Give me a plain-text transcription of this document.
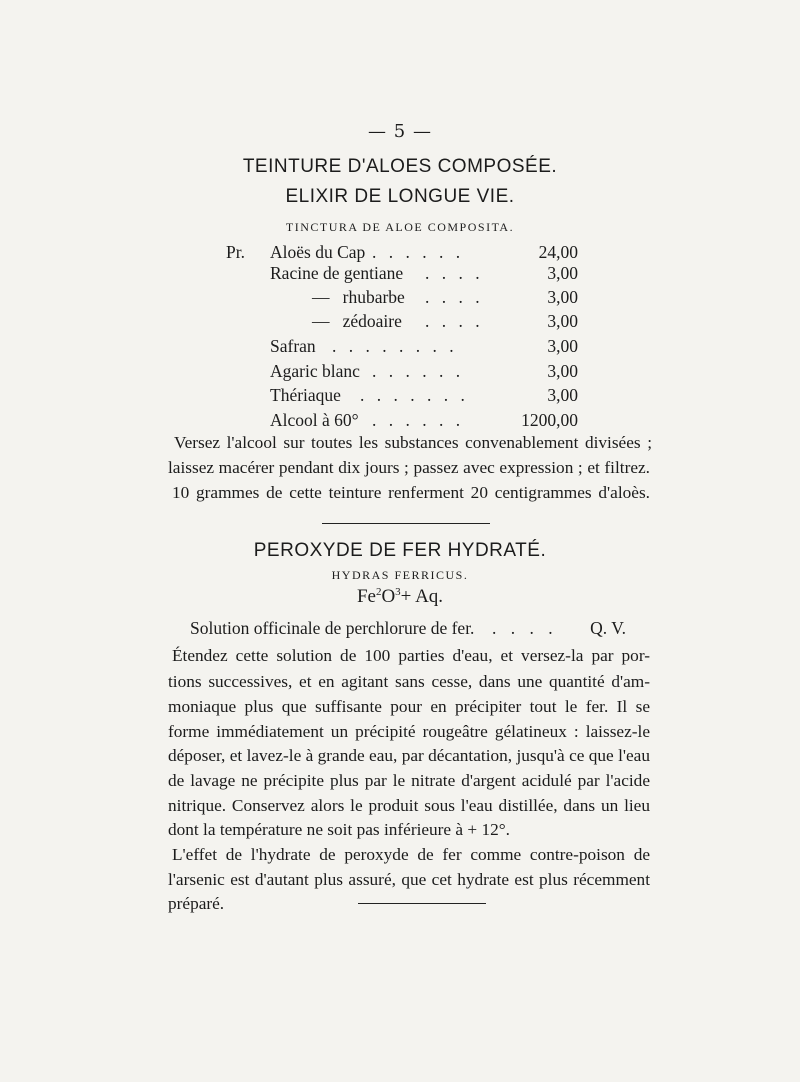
— 5 —
TEINTURE D'ALOES COMPOSÉE.
ELIXIR DE LONGUE VIE.
TINCTURA DE ALOE COMPOSITA.
Pr. Aloës du Cap . . . . . .	24,00
Racine de gentiane . . . .	3,00
—   rhubarbe . . . .	3,00
—   zédoaire . . . .	3,00
Safran . . . . . . . .	3,00
Agaric blanc . . . . . .	3,00
Thériaque . . . . . . .	3,00
Alcool à 60° . . . . . .	1200,00
Versez l'alcool sur toutes les substances convenablement divisées ;
laissez macérer pendant dix jours ; passez avec expression ; et filtrez.
10 grammes de cette teinture renferment 20 centigrammes d'aloès.
PEROXYDE DE FER HYDRATÉ.
HYDRAS FERRICUS.
$Fe^2O^3+ Aq$.
Solution officinale de perchlorure de fer. . . . . Q. V.
Étendez cette solution de 100 parties d'eau, et versez-la par por-
tions successives, et en agitant sans cesse, dans une quantité d'am-
moniaque plus que suffisante pour en précipiter tout le fer. Il se
forme immédiatement un précipité rougeâtre gélatineux : laissez-le
déposer, et lavez-le à grande eau, par décantation, jusqu'à ce que l'eau
de lavage ne précipite plus par le nitrate d'argent acidulé par l'acide
nitrique. Conservez alors le produit sous l'eau distillée, dans un lieu
dont la température ne soit pas inférieure à + 12°.
L'effet de l'hydrate de peroxyde de fer comme contre-poison de
l'arsenic est d'autant plus assuré, que cet hydrate est plus récemment
préparé.
